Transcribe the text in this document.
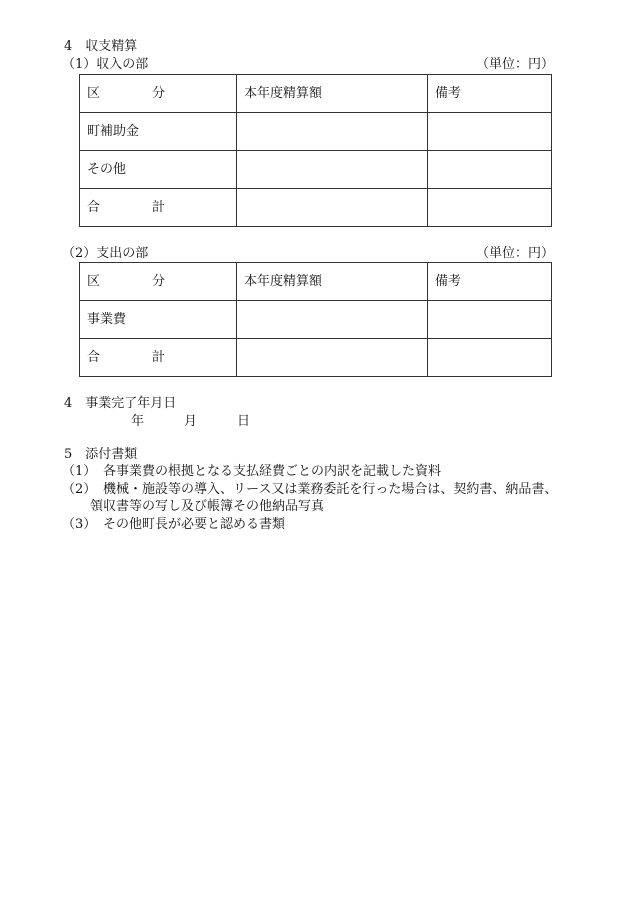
4　収支精算
（1）収入の部	（単位：円）
区 分	本年度精算額	備考
町補助金		
その他		

合 計		

（2）支出の部	（単位：円）
区 分	本年度精算額	備考
事業費		

合 計		

4　事業完了年月日
年	月	日
5　添付書類
（1） 各事業費の根拠となる支払経費ごとの内訳を記載した資料
（2） 機械・施設等の導入、リース又は業務委託を行った場合は、契約書、納品書、
領収書等の写し及び帳簿その他納品写真
（3） その他町長が必要と認める書類
